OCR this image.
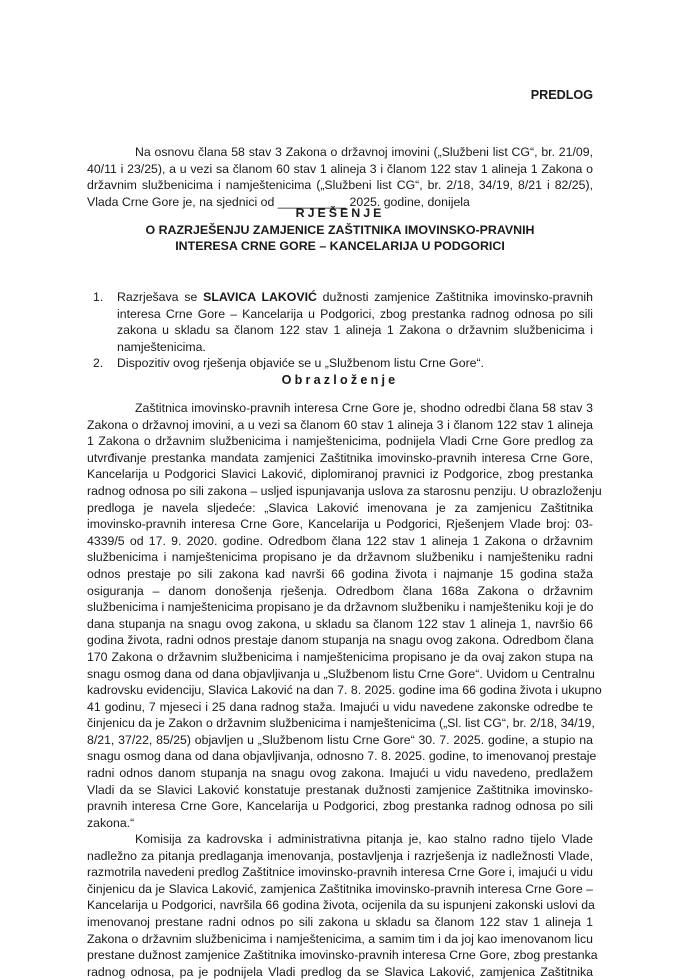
PREDLOG
Na osnovu člana 58 stav 3 Zakona o državnoj imovini („Službeni list CG“, br. 21/09,
40/11 i 23/25), a u vezi sa članom 60 stav 1 alineja 3 i članom 122 stav 1 alineja 1 Zakona o
državnim službenicima i namještenicima („Službeni list CG“, br. 2/18, 34/19, 8/21 i 82/25),
Vlada Crne Gore je, na sjednici od __________ 2025. godine, donijela
RJEŠENJE
O RAZRJEŠENJU ZAMJENICE ZAŠTITNIKA IMOVINSKO-PRAVNIH
INTERESA CRNE GORE – KANCELARIJA U PODGORICI
1. Razrješava se SLAVICA LAKOVIĆ dužnosti zamjenice Zaštitnika imovinsko-pravnih
interesa Crne Gore – Kancelarija u Podgorici, zbog prestanka radnog odnosa po sili
zakona u skladu sa članom 122 stav 1 alineja 1 Zakona o državnim službenicima i
namještenicima.
2. Dispozitiv ovog rješenja objaviće se u „Službenom listu Crne Gore“.
Obrazloženje
Zaštitnica imovinsko-pravnih interesa Crne Gore je, shodno odredbi člana 58 stav 3
Zakona o državnoj imovini, a u vezi sa članom 60 stav 1 alineja 3 i članom 122 stav 1 alineja
1 Zakona o državnim službenicima i namještenicima, podnijela Vladi Crne Gore predlog za
utvrđivanje prestanka mandata zamjenici Zaštitnika imovinsko-pravnih interesa Crne Gore,
Kancelarija u Podgorici Slavici Laković, diplomiranoj pravnici iz Podgorice, zbog prestanka
radnog odnosa po sili zakona – usljed ispunjavanja uslova za starosnu penziju. U obrazloženju
predloga je navela sljedeće: „Slavica Laković imenovana je za zamjenicu Zaštitnika
imovinsko-pravnih interesa Crne Gore, Kancelarija u Podgorici, Rješenjem Vlade broj: 03-
4339/5 od 17. 9. 2020. godine. Odredbom člana 122 stav 1 alineja 1 Zakona o državnim
službenicima i namještenicima propisano je da državnom službeniku i namješteniku radni
odnos prestaje po sili zakona kad navrši 66 godina života i najmanje 15 godina staža
osiguranja – danom donošenja rješenja. Odredbom člana 168a Zakona o državnim
službenicima i namještenicima propisano je da državnom službeniku i namješteniku koji je do
dana stupanja na snagu ovog zakona, u skladu sa članom 122 stav 1 alineja 1, navršio 66
godina života, radni odnos prestaje danom stupanja na snagu ovog zakona. Odredbom člana
170 Zakona o državnim službenicima i namještenicima propisano je da ovaj zakon stupa na
snagu osmog dana od dana objavljivanja u „Službenom listu Crne Gore“. Uvidom u Centralnu
kadrovsku evidenciju, Slavica Laković na dan 7. 8. 2025. godine ima 66 godina života i ukupno
41 godinu, 7 mjeseci i 25 dana radnog staža. Imajući u vidu navedene zakonske odredbe te
činjenicu da je Zakon o državnim službenicima i namještenicima („Sl. list CG“, br. 2/18, 34/19,
8/21, 37/22, 85/25) objavljen u „Službenom listu Crne Gore“ 30. 7. 2025. godine, a stupio na
snagu osmog dana od dana objavljivanja, odnosno 7. 8. 2025. godine, to imenovanoj prestaje
radni odnos danom stupanja na snagu ovog zakona. Imajući u vidu navedeno, predlažem
Vladi da se Slavici Laković konstatuje prestanak dužnosti zamjenice Zaštitnika imovinsko-
pravnih interesa Crne Gore, Kancelarija u Podgorici, zbog prestanka radnog odnosa po sili
zakona.“
Komisija za kadrovska i administrativna pitanja je, kao stalno radno tijelo Vlade
nadležno za pitanja predlaganja imenovanja, postavljenja i razrješenja iz nadležnosti Vlade,
razmotrila navedeni predlog Zaštitnice imovinsko-pravnih interesa Crne Gore i, imajući u vidu
činjenicu da je Slavica Laković, zamjenica Zaštitnika imovinsko-pravnih interesa Crne Gore –
Kancelarija u Podgorici, navršila 66 godina života, ocijenila da su ispunjeni zakonski uslovi da
imenovanoj prestane radni odnos po sili zakona u skladu sa članom 122 stav 1 alineja 1
Zakona o državnim službenicima i namještenicima, a samim tim i da joj kao imenovanom licu
prestane dužnost zamjenice Zaštitnika imovinsko-pravnih interesa Crne Gore, zbog prestanka
radnog odnosa, pa je podnijela Vladi predlog da se Slavica Laković, zamjenica Zaštitnika
